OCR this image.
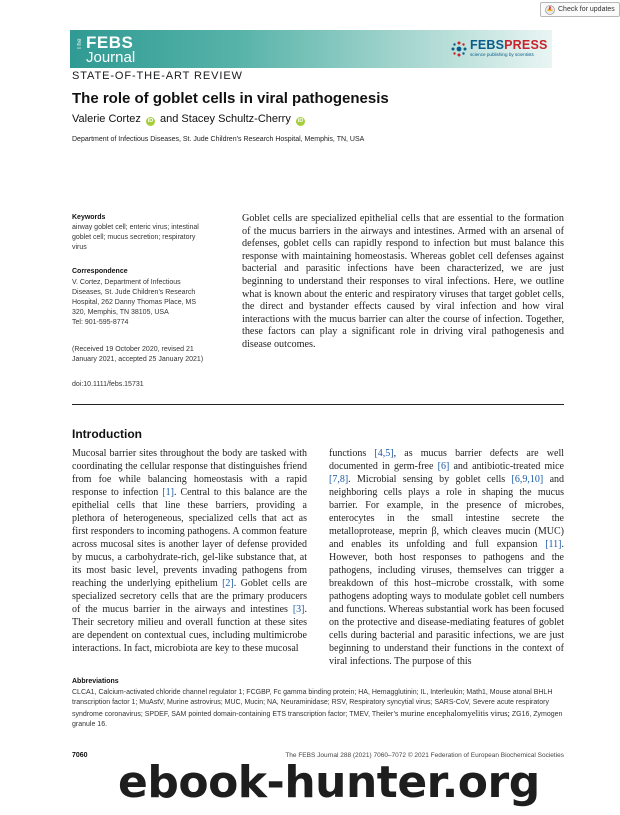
Check for updates
The FEBS
Journal
FEBSPRESS
science publishing by scientists
STATE-OF-THE-ART REVIEW
The role of goblet cells in viral pathogenesis
Valerie Cortez iD and Stacey Schultz-Cherry iD
Department of Infectious Diseases, St. Jude Children’s Research Hospital, Memphis, TN, USA
Keywords
airway goblet cell; enteric virus; intestinal
goblet cell; mucus secretion; respiratory
virus
Correspondence
V. Cortez, Department of Infectious
Diseases, St. Jude Children’s Research
Hospital, 262 Danny Thomas Place, MS
320, Memphis, TN 38105, USA
Tel: 901-595-8774
(Received 19 October 2020, revised 21
January 2021, accepted 25 January 2021)
doi:10.1111/febs.15731
Goblet cells are specialized epithelial cells that are essential to the formation of the mucus barriers in the airways and intestines. Armed with an arsenal of defenses, goblet cells can rapidly respond to infection but must balance this response with maintaining homeostasis. Whereas goblet cell defenses against bacterial and parasitic infections have been characterized, we are just beginning to understand their responses to viral infections. Here, we outline what is known about the enteric and respiratory viruses that target goblet cells, the direct and bystander effects caused by viral infection and how viral interactions with the mucus barrier can alter the course of infection. Together, these factors can play a significant role in driving viral pathogenesis and disease outcomes.
Introduction
Mucosal barrier sites throughout the body are tasked with coordinating the cellular response that distinguishes friend from foe while balancing homeostasis with a rapid response to infection [1]. Central to this balance are the epithelial cells that line these barriers, providing a plethora of heterogeneous, specialized cells that act as first responders to incoming pathogens. A common feature across mucosal sites is another layer of defense provided by mucus, a carbohydrate-rich, gel-like substance that, at its most basic level, prevents invading pathogens from reaching the underlying epithelium [2]. Goblet cells are specialized secretory cells that are the primary producers of the mucus barrier in the airways and intestines [3]. Their secretory milieu and overall function at these sites are dependent on contextual cues, including multimicrobe interactions. In fact, microbiota are key to these mucosal
functions [4,5], as mucus barrier defects are well documented in germ-free [6] and antibiotic-treated mice [7,8]. Microbial sensing by goblet cells [6,9,10] and neighboring cells plays a role in shaping the mucus barrier. For example, in the presence of microbes, enterocytes in the small intestine secrete the metalloprotease, meprin β, which cleaves mucin (MUC) and enables its unfolding and full expansion [11]. However, both host responses to pathogens and the pathogens, including viruses, themselves can trigger a breakdown of this host–microbe crosstalk, with some pathogens adopting ways to modulate goblet cell numbers and functions. Whereas substantial work has been focused on the protective and disease-mediating features of goblet cells during bacterial and parasitic infections, we are just beginning to understand their functions in the context of viral infections. The purpose of this
Abbreviations
CLCA1, Calcium-activated chloride channel regulator 1; FCGBP, Fc gamma binding protein; HA, Hemagglutinin; IL, Interleukin; Math1, Mouse atonal BHLH transcription factor 1; MuAstV, Murine astrovirus; MUC, Mucin; NA, Neuraminidase; RSV, Respiratory syncytial virus; SARS-CoV, Severe acute respiratory syndrome coronavirus; SPDEF, SAM pointed domain-containing ETS transcription factor; TMEV, Theiler’s murine encephalomyelitis virus; ZG16, Zymogen granule 16.
7060	The FEBS Journal 288 (2021) 7060–7072 © 2021 Federation of European Biochemical Societies
ebook-hunter.org
